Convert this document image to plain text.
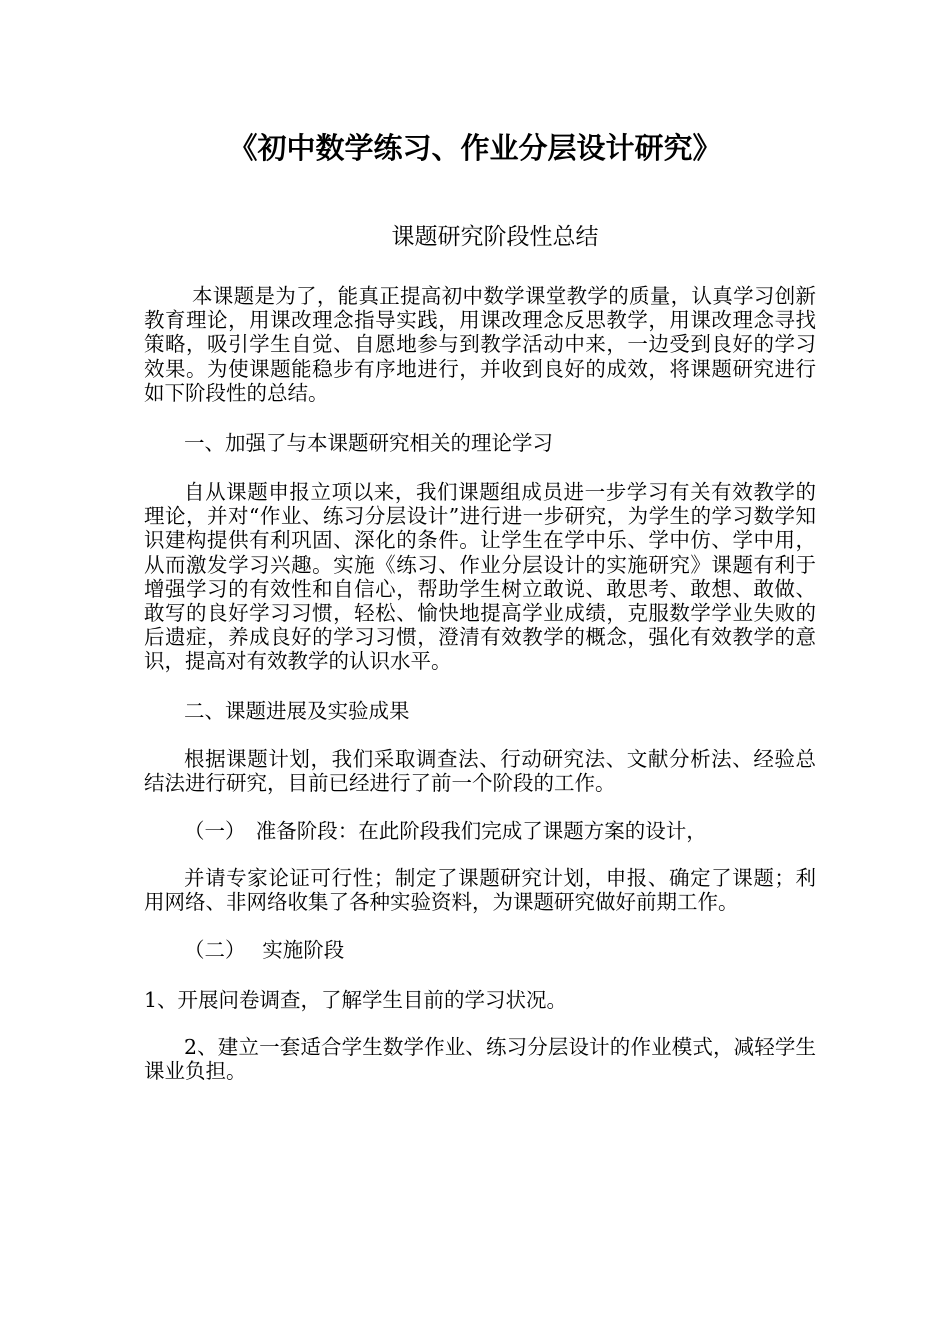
《初中数学练习、作业分层设计研究》
课题研究阶段性总结
本课题是为了，能真正提高初中数学课堂教学的质量，认真学习创新教育理论，用课改理念指导实践，用课改理念反思教学，用课改理念寻找策略，吸引学生自觉、自愿地参与到教学活动中来，一边受到良好的学习效果。为使课题能稳步有序地进行，并收到良好的成效，将课题研究进行如下阶段性的总结。
一、加强了与本课题研究相关的理论学习
自从课题申报立项以来，我们课题组成员进一步学习有关有效教学的理论，并对“作业、练习分层设计”进行进一步研究，为学生的学习数学知识建构提供有利巩固、深化的条件。让学生在学中乐、学中仿、学中用，从而激发学习兴趣。实施《练习、作业分层设计的实施研究》课题有利于增强学习的有效性和自信心，帮助学生树立敢说、敢思考、敢想、敢做、敢写的良好学习习惯，轻松、愉快地提高学业成绩，克服数学学业失败的后遗症，养成良好的学习习惯，澄清有效教学的概念，强化有效教学的意识，提高对有效教学的认识水平。
二、课题进展及实验成果
根据课题计划，我们采取调查法、行动研究法、文献分析法、经验总结法进行研究，目前已经进行了前一个阶段的工作。
（一）　准备阶段：在此阶段我们完成了课题方案的设计，
并请专家论证可行性；制定了课题研究计划，申报、确定了课题；利用网络、非网络收集了各种实验资料，为课题研究做好前期工作。
（二）　 实施阶段
1、开展问卷调查，了解学生目前的学习状况。
2、建立一套适合学生数学作业、练习分层设计的作业模式，减轻学生课业负担。
